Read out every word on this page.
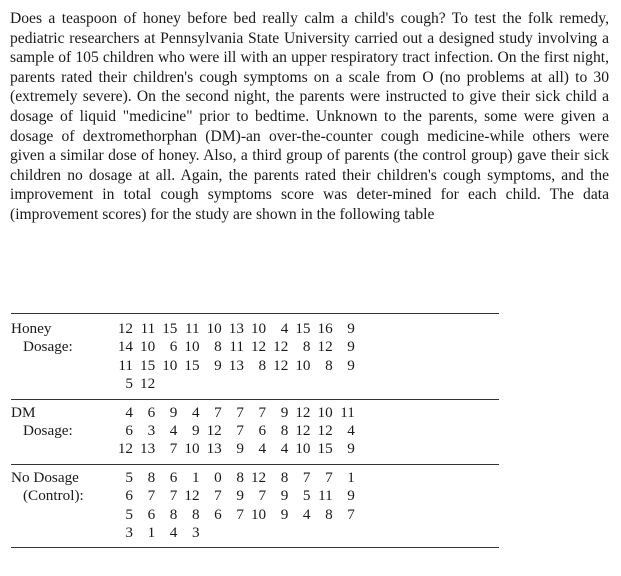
Does a teaspoon of honey before bed really calm a child's cough? To test the folk remedy, pediatric researchers at Pennsylvania State University carried out a designed study involving a sample of 105 children who were ill with an upper respiratory tract infection. On the first night, parents rated their children's cough symptoms on a scale from O (no problems at all) to 30 (extremely severe). On the second night, the parents were instructed to give their sick child a dosage of liquid "medicine" prior to bedtime. Unknown to the parents, some were given a dosage of dextromethorphan (DM)-an over-the-counter cough medicine-while others were given a similar dose of honey. Also, a third group of parents (the control group) gave their sick children no dosage at all. Again, the parents rated their children's cough symptoms, and the improvement in total cough symptoms score was deter-mined for each child. The data (improvement scores) for the study are shown in the following table

Honey	12	11	15	11	10	13	10	4	15	16	9
Dosage:	14	10	6	10	8	11	12	12	8	12	9
	11	15	10	15	9	13	8	12	10	8	9
	5	12									
DM	4	6	9	4	7	7	7	9	12	10	11
Dosage:	6	3	4	9	12	7	6	8	12	12	4
	12	13	7	10	13	9	4	4	10	15	9
No Dosage	5	8	6	1	0	8	12	8	7	7	1
(Control):	6	7	7	12	7	9	7	9	5	11	9
	5	6	8	8	6	7	10	9	4	8	7
	3	1	4	3							
